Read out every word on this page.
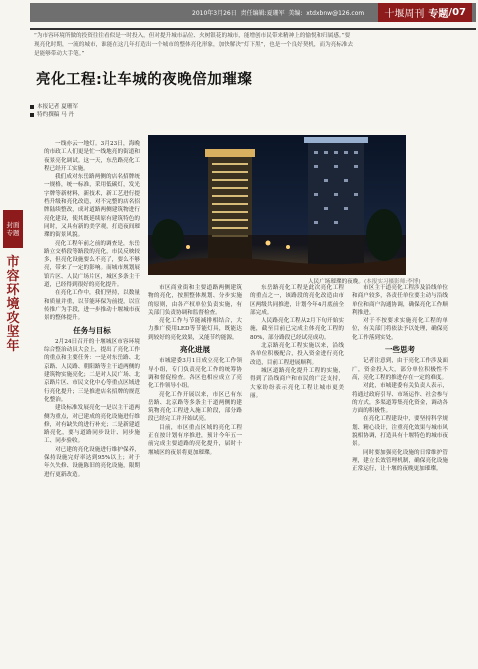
2010年3月26日 责任编辑:夏珊军 美编: xtdxbnw@126.com 十堰周刊 专题 /07
“为市容环境所做的投资往往看似是一时投入，但对提升城市品位、火树银花的城市，能增创市民带来精神上的愉悦和归属感。”要现亮化时期，一流的城市，谁能在这几年打造出一个城市的整体亮化形象，加快解决“灯下黑”，也是一个良好契机，而为亮标准去是能够带动大手笔。”
亮化工程:让车城的夜晚倍加璀璨
本报记者 夏珊军
特约撰稿 马 丹
封面
专题
市容环境攻坚年
人民广场璀璨的夜晚。(本报实习摄影师:李博)

一线亦云一地灯。3月23日，海晚的市政工人们更是忙一线地亮的街道和夜景亮化调试。这一天，东岳路亮化工程已经开工实施。

我们成对东岳路两侧的店名招牌统一规格，统一标准，采用低碳灯，发光字牌等新材料，新技术，新工艺进行提档升级和亮化改造，对不完整的店名招牌陆续整改，成对道路两侧建筑物进行亮化建设，使其既延续原有建筑特色的同时，又具有新的美学观，打造夜间璀璨的街景风貌。

亮化工程年前之前的调查是，东岳路立交桥段等路段的亮化，市民反映较多，但亮化设施要么不亮了，要么不够亮，带来了一定的影响。而城市规划展馆片区、人民广场片区，城区多条主干道，已经得到很好的亮化提升。

在亮化工作中，我们坚持，以数量和质量并重，以节能环保为前提，以宣传推广为手段，进一步推动十堰城市夜景的整体提升。

任务与目标

2月24日召开的十堰城区市容环境综合整治动员大会上，提出了亮化工作的重点和主要任务：一是对东岳路、北京路、人民路、朝阳路等主干道两侧的建筑物实施亮化；二是对人民广场、北京路片区、市民文化中心等重点区域进行亮化提升；三是推进店名招牌的规范化整治。

建设标准发展亮化一是以主干道两侧为重点，对已建成的亮化设施进行维修，对有缺失的进行补充；二是新建道路亮化，要与道路同步设计、同步施工、同步验收。

对已建的亮化设施进行维护保养，保持设施完好率达到95%以上；对于年久失修、设施陈旧的亮化设施，限期进行更新改造。

市区商业街和主要道路两侧建筑物的亮化，按照整体规划、分步实施的原则，由各产权单位负责实施，有关部门负责协调和监督检查。

亮化工作与节能减排相结合，大力推广使用LED等节能灯具，既能达到较好的亮化效果，又能节约能源。

亮化进展

市城建委3月1日成立亮化工作领导小组，专门负责亮化工作的统筹协调和督促检查。各区也相应成立了亮化工作领导小组。

亮化工作开展以来，市区已有东岳路、北京路等多条主干道两侧的建筑物亮化工程进入施工阶段，部分路段已经完工并开始试亮。

目前，市区重点区域的亮化工程正在按计划有序推进，预计今年五一前完成主要道路的亮化提升，届时十堰城区的夜景将更加璀璨。

东岳路亮化工程是此次亮化工程的重点之一，该路段的亮化改造由市区两级共同推进，计划今年4月底前全部完成。

人民路亮化工程从2月下旬开始实施，截至目前已完成主体亮化工程的80%，部分路段已经试亮成功。

北京路亮化工程实施以来，沿线各单位积极配合，投入资金进行亮化改造，目前工程进展顺利。

城区道路亮化提升工程的实施，得到了沿线商户和市民的广泛支持，大家纷纷表示亮化工程让城市更美丽。

市区主干道亮化工程涉及沿线单位和商户较多，各责任单位要主动与沿线单位和商户沟通协调，确保亮化工作顺利推进。

对于不按要求实施亮化工程的单位，有关部门将依法予以处理，确保亮化工作落到实处。

一些思考

记者注意到，由于亮化工作涉及面广，资金投入大，部分单位积极性不高，亮化工程的推进存在一定的难度。

对此，市城建委有关负责人表示，将通过政府引导、市场运作、社会参与的方式，多渠道筹集亮化资金，调动各方面的积极性。

在亮化工程建设中，要坚持科学规划、精心设计，注重亮化效果与城市风貌相协调，打造具有十堰特色的城市夜景。

同时要加强亮化设施的日常维护管理，建立长效管理机制，确保亮化设施正常运行，让十堰的夜晚更加璀璨。
